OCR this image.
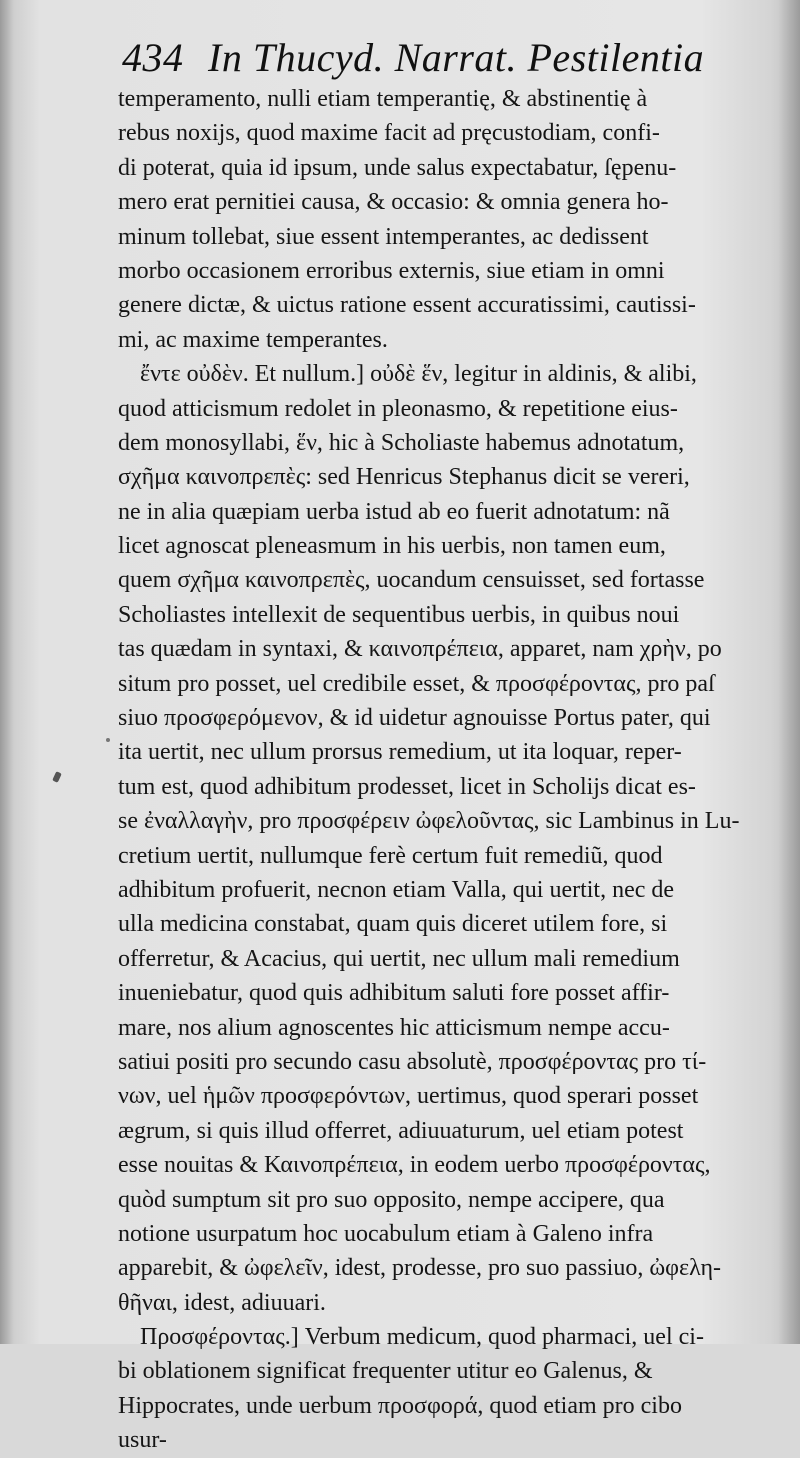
434 In Thucyd. Narrat. Pestilentia
temperamento, nulli etiam temperantię, & abstinentię à
rebus noxijs, quod maxime facit ad pręcustodiam, confi-
di poterat, quia id ipsum, unde salus expectabatur, ſępenu-
mero erat pernitiei causa, & occasio: & omnia genera ho-
minum tollebat, siue essent intemperantes, ac dedissent
morbo occasionem erroribus externis, siue etiam in omni
genere dictæ, & uictus ratione essent accuratissimi, cautissi-
mi, ac maxime temperantes.
ἔντε οὐδὲν. Et nullum.] οὐδὲ ἕν, legitur in aldinis, & alibi,
quod atticismum redolet in pleonasmo, & repetitione eius-
dem monosyllabi, ἕν, hic à Scholiaste habemus adnotatum,
σχῆμα καινοπρεπὲς: sed Henricus Stephanus dicit se vereri,
ne in alia quæpiam uerba istud ab eo fuerit adnotatum: nã
licet agnoscat pleneasmum in his uerbis, non tamen eum,
quem σχῆμα καινοπρεπὲς, uocandum censuisset, sed fortasse
Scholiastes intellexit de sequentibus uerbis, in quibus noui
tas quædam in syntaxi, & καινοπρέπεια, apparet, nam χρὴν, po
situm pro posset, uel credibile esset, & προσφέροντας, pro paſ
siuo προσφερόμενον, & id uidetur agnouisse Portus pater, qui
ita uertit, nec ullum prorsus remedium, ut ita loquar, reper-
tum est, quod adhibitum prodesset, licet in Scholijs dicat es-
se ἐναλλαγὴν, pro προσφέρειν ὠφελοῦντας, sic Lambinus in Lu-
cretium uertit, nullumque ferè certum fuit remediũ, quod
adhibitum profuerit, necnon etiam Valla, qui uertit, nec de
ulla medicina constabat, quam quis diceret utilem fore, si
offerretur, & Acacius, qui uertit, nec ullum mali remedium
inueniebatur, quod quis adhibitum saluti fore posset affir-
mare, nos alium agnoscentes hic atticismum nempe accu-
satiui positi pro secundo casu absolutè, προσφέροντας pro τί-
νων, uel ἡμῶν προσφερόντων, uertimus, quod sperari posset
ægrum, si quis illud offerret, adiuuaturum, uel etiam potest
esse nouitas & Καινοπρέπεια, in eodem uerbo προσφέροντας,
quòd sumptum sit pro suo opposito, nempe accipere, qua
notione usurpatum hoc uocabulum etiam à Galeno infra
apparebit, & ὠφελεῖν, idest, prodesse, pro suo passiuo, ὠφελη-
θῆναι, idest, adiuuari.
Προσφέροντας.] Verbum medicum, quod pharmaci, uel ci-
bi oblationem significat frequenter utitur eo Galenus, &
Hippocrates, unde uerbum προσφορά, quod etiam pro cibo
usur-
